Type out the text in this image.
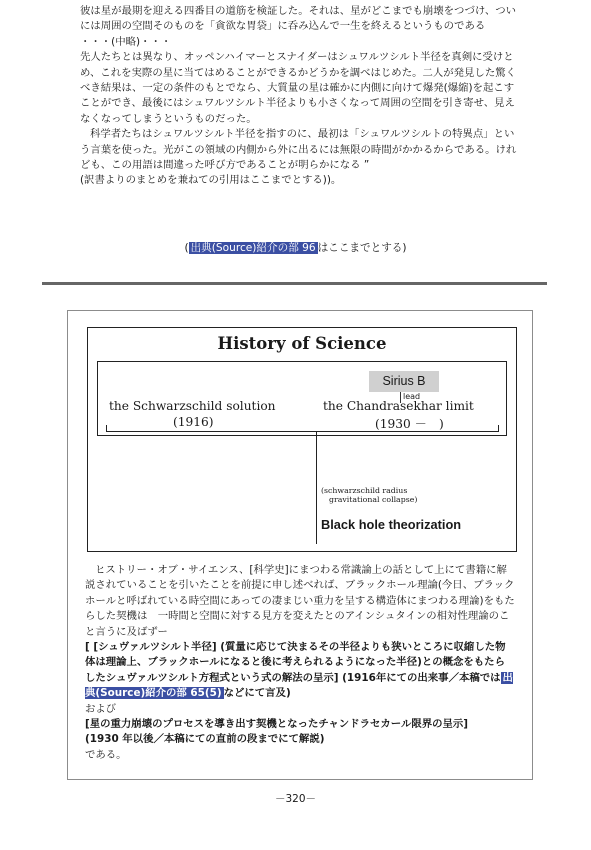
彼は星が最期を迎える四番目の道筋を検証した。それは、星がどこまでも崩壊をつづけ、ついには周囲の空間そのものを「貪欲な胃袋」に呑み込んで一生を終えるというものである

・・・(中略)・・・

先人たちとは異なり、オッペンハイマーとスナイダーはシュワルツシルト半径を真剣に受けとめ、これを実際の星に当てはめることができるかどうかを調べはじめた。二人が発見した驚くべき結果は、一定の条件のもとでなら、大質量の星は確かに内側に向けて爆発(爆縮)を起こすことができ、最後にはシュワルツシルト半径よりも小さくなって周囲の空間を引き寄せ、見えなくなってしまうというものだった。

科学者たちはシュワルツシルト半径を指すのに、最初は「シュワルツシルトの特異点」という言葉を使った。光がこの領域の内側から外に出るには無限の時間がかかるからである。けれども、この用語は間違った呼び方であることが明らかになる ”

(訳書よりのまとめを兼ねての引用はここまでとする))。

( 出典(Source)紹介の部 96 はここまでとする)
History of Science
Sirius B
lead
the Schwarzschild solution
(1916)
the Chandrasekhar limit
(1930 －　)
(schwarzschild radius
gravitational collapse)
Black hole theorization

ヒストリー・オブ・サイエンス、[科学史]にまつわる常識論上の話として上にて書籍に解説されていることを引いたことを前提に申し述べれば、ブラックホール理論(今日、ブラックホールと呼ばれている時空間にあっての凄まじい重力を呈する構造体にまつわる理論)をもたらした契機は　一時間と空間に対する見方を変えたとのアインシュタインの相対性理論のこと言うに及ばずー

[ [シュヴァルツシルト半径] (質量に応じて決まるその半径よりも狭いところに収縮した物体は理論上、ブラックホールになると後に考えられるようになった半径)との概念をもたらしたシュヴァルツシルト方程式という式の解法の呈示] (1916年にての出来事／本稿では 出典(Source)紹介の部 65(5) などにて言及)

および

[星の重力崩壊のプロセスを導き出す契機となったチャンドラセカール限界の呈示]

(1930 年以後／本稿にての直前の段までにて解説)

である。

－320－
